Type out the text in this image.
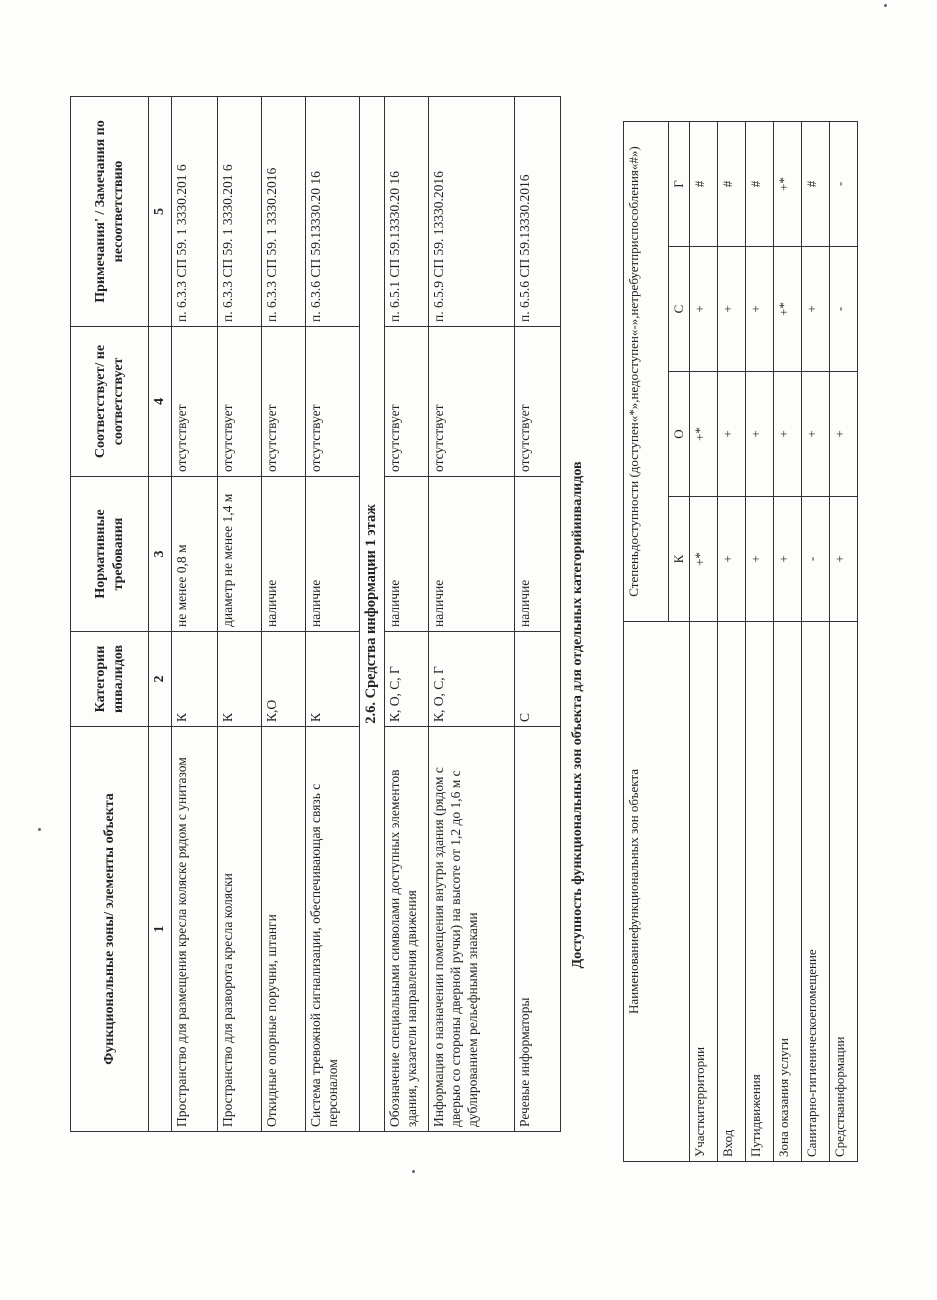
Функциональные зоны/ элементы объекта	Категории инвалидов	Нормативные требования	Соответствует/ не соответствует	Примечания' / Замечания по несоответствию
1	2	3	4	5
Пространство для размещения кресла коляске рядом с унитазом	К	не менее 0,8 м	отсутствует	п. 6.3.3 СП 59. 1 3330.201 6
Пространство для разворота кресла коляски	К	диаметр не менее 1,4 м	отсутствует	п. 6.3.3 СП 59. 1 3330.201 6
Откидные опорные поручни, штанги	К,О	наличие	отсутствует	п. 6.3.3 СП 59. 1 3330.2016
Система тревожной сигнализации, обеспечивающая связь с персоналом	К	наличие	отсутствует	п. 6.3.6 СП 59.13330.20 16
2.6. Средства информации 1 этаж				
Обозначение специальными символами доступных элементов здания, указатели направления движения	К, О, С, Г	наличие	отсутствует	п. 6.5.1 СП 59.13330.20 16
Информация о назначении помещения внутри здания (рядом с дверью со стороны дверной ручки) на высоте от 1,2 до 1,6 м с дублированием рельефными знаками	К, О, С, Г	наличие	отсутствует	п. 6.5.9 СП 59. 13330.2016
Речевые информаторы	С	наличие	отсутствует	п. 6.5.6 СП 59.13330.2016
Доступность функциональных зон объекта для отдельных категорийинвалидов	Наименованиефункциональных зон объекта	Степеньдоступности (доступен«*»,недоступен«-»,нетребуетприспособления«#»)			
	К	О	С	Г
Участкитерритории	+*	+*	+	#
Вход	+	+	+	#
Путидвижения	+	+	+	#
Зона оказания услуги	+	+	+*	+*
Санитарно-гигиеническоепомещение	-	+	+	#
Средстваинформации	+	+	-	-
